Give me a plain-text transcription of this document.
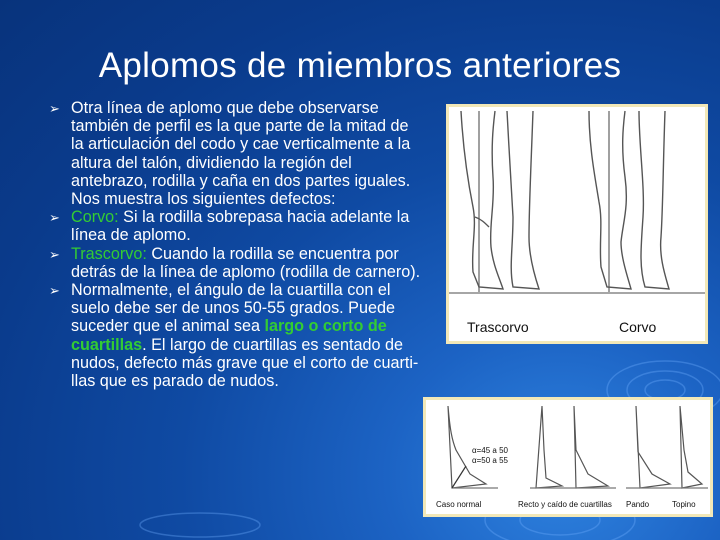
Aplomos de miembros anteriores
➢ Otra línea de aplomo que debe observarse también de perfil es la que parte de la mitad de la articulación del codo y cae verticalmente a la altura del talón, dividiendo la región del antebrazo, rodilla y caña en dos partes iguales. Nos muestra los siguientes defectos:
➢ Corvo: Si la rodilla sobrepasa hacia adelante la línea de aplomo.
➢ Trascorvo: Cuando la rodilla se encuentra por detrás de la línea de aplomo (rodilla de carnero).
➢ Normalmente, el ángulo de la cuartilla con el suelo debe ser de unos 50-55 grados. Puede suceder que el animal sea largo o corto de cuartillas. El largo de cuartillas es sentado de nudos, defecto más grave que el corto de cuarti-llas que es parado de nudos.
Trascorvo	Corvo
α=45 a 50
α=50 a 55
Caso normal	Recto y caído de cuartillas Pando	Topino
